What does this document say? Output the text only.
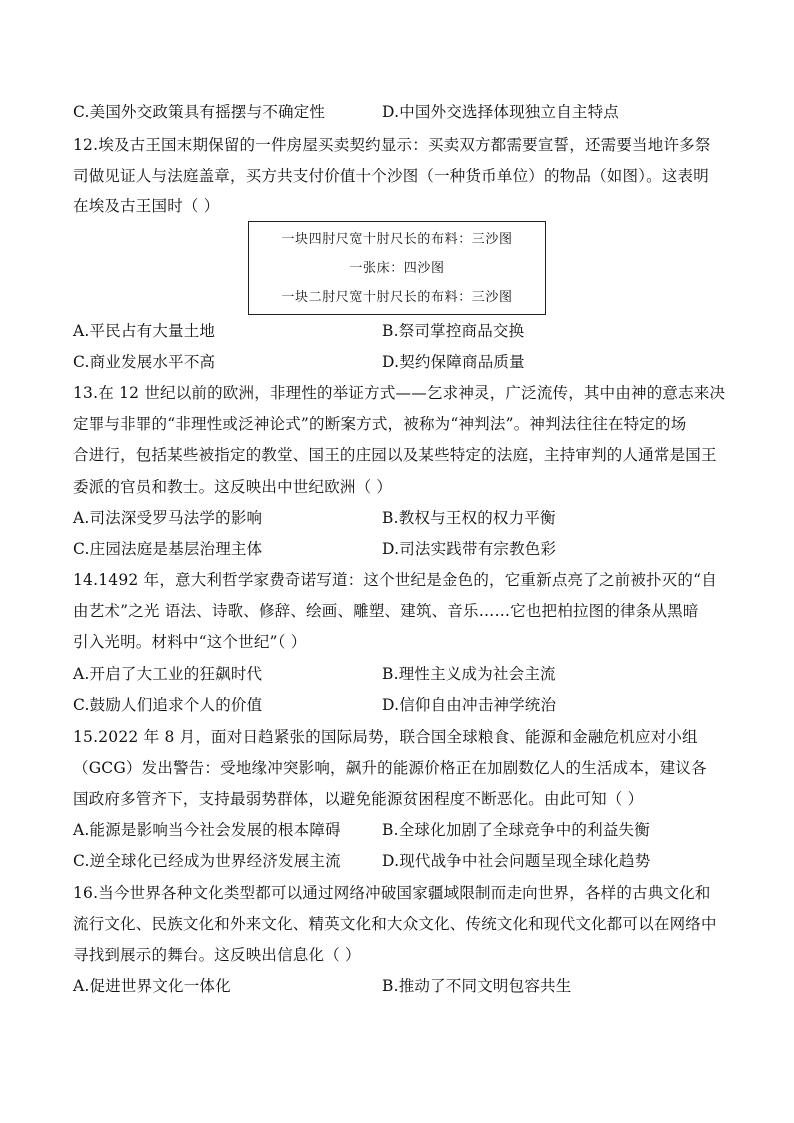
C.美国外交政策具有摇摆与不确定性	D.中国外交选择体现独立自主特点
12.埃及古王国末期保留的一件房屋买卖契约显示：买卖双方都需要宣誓，还需要当地许多祭
司做见证人与法庭盖章，买方共支付价值十个沙图（一种货币单位）的物品（如图）。这表明
在埃及古王国时（ ）
一块四肘尺宽十肘尺长的布料：三沙图
一张床：四沙图
一块二肘尺宽十肘尺长的布料：三沙图
A.平民占有大量土地	B.祭司掌控商品交换
C.商业发展水平不高	D.契约保障商品质量
13.在 12 世纪以前的欧洲，非理性的举证方式——乞求神灵，广泛流传，其中由神的意志来决
定罪与非罪的“非理性或泛神论式”的断案方式，被称为“神判法”。神判法往往在特定的场
合进行，包括某些被指定的教堂、国王的庄园以及某些特定的法庭，主持审判的人通常是国王
委派的官员和教士。这反映出中世纪欧洲（ ）
A.司法深受罗马法学的影响	B.教权与王权的权力平衡
C.庄园法庭是基层治理主体	D.司法实践带有宗教色彩
14.1492 年，意大利哲学家费奇诺写道：这个世纪是金色的，它重新点亮了之前被扑灭的“自
由艺术”之光 语法、诗歌、修辞、绘画、雕塑、建筑、音乐……它也把柏拉图的律条从黑暗
引入光明。材料中“这个世纪”（ ）
A.开启了大工业的狂飙时代	B.理性主义成为社会主流
C.鼓励人们追求个人的价值	D.信仰自由冲击神学统治
15.2022 年 8 月，面对日趋紧张的国际局势，联合国全球粮食、能源和金融危机应对小组
（GCG）发出警告：受地缘冲突影响，飙升的能源价格正在加剧数亿人的生活成本，建议各
国政府多管齐下，支持最弱势群体，以避免能源贫困程度不断恶化。由此可知（ ）
A.能源是影响当今社会发展的根本障碍	B.全球化加剧了全球竞争中的利益失衡
C.逆全球化已经成为世界经济发展主流	D.现代战争中社会问题呈现全球化趋势
16.当今世界各种文化类型都可以通过网络冲破国家疆域限制而走向世界，各样的古典文化和
流行文化、民族文化和外来文化、精英文化和大众文化、传统文化和现代文化都可以在网络中
寻找到展示的舞台。这反映出信息化（ ）
A.促进世界文化一体化	B.推动了不同文明包容共生
